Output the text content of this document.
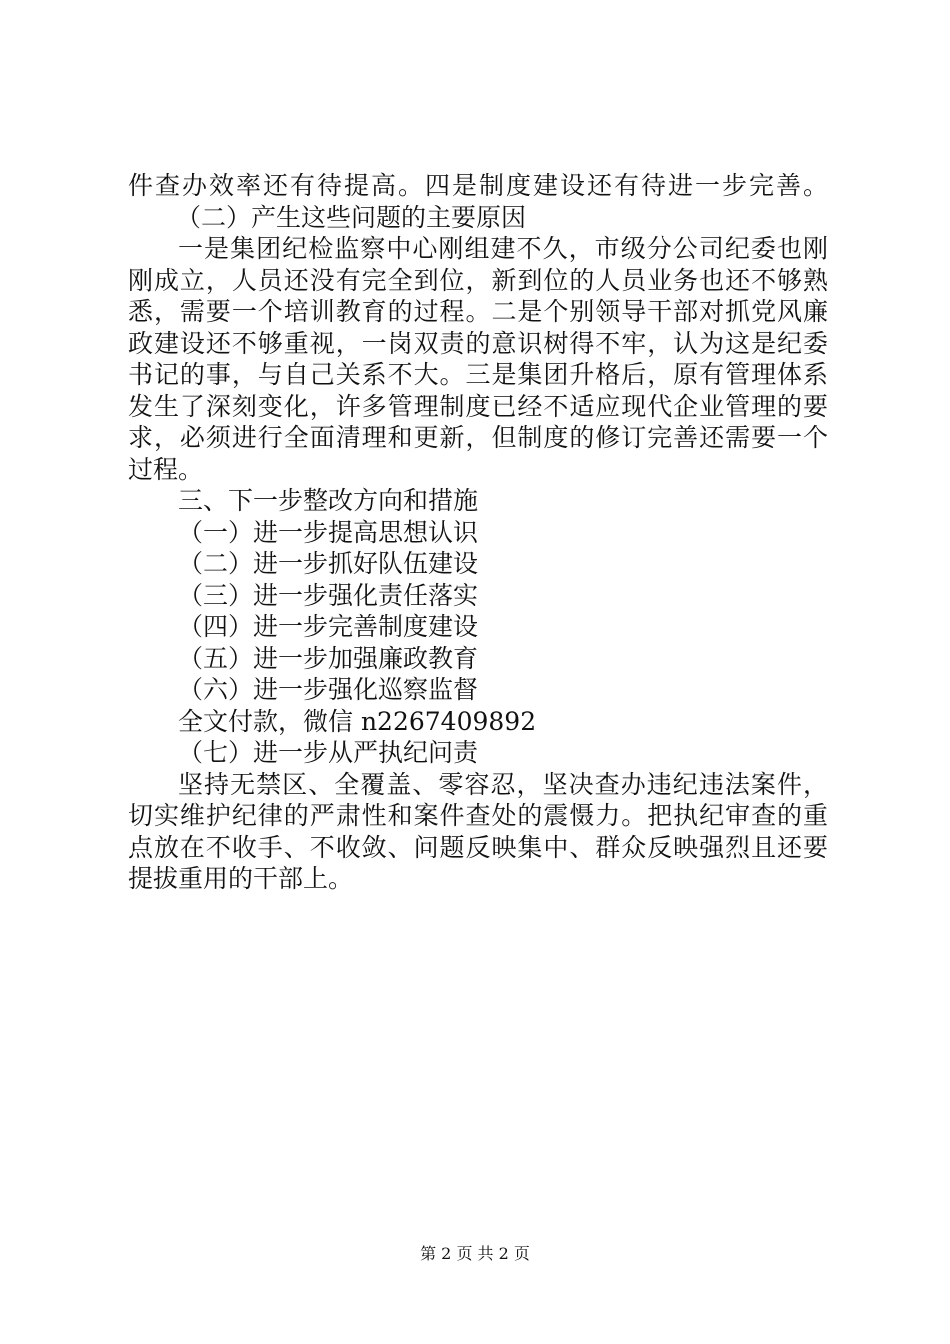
件查办效率还有待提高。四是制度建设还有待进一步完善。
（二）产生这些问题的主要原因
一是集团纪检监察中心刚组建不久，市级分公司纪委也刚
刚成立，人员还没有完全到位，新到位的人员业务也还不够熟
悉，需要一个培训教育的过程。二是个别领导干部对抓党风廉
政建设还不够重视，一岗双责的意识树得不牢，认为这是纪委
书记的事，与自己关系不大。三是集团升格后，原有管理体系
发生了深刻变化，许多管理制度已经不适应现代企业管理的要
求，必须进行全面清理和更新，但制度的修订完善还需要一个
过程。
三、下一步整改方向和措施
（一）进一步提高思想认识
（二）进一步抓好队伍建设
（三）进一步强化责任落实
（四）进一步完善制度建设
（五）进一步加强廉政教育
（六）进一步强化巡察监督
全文付款，微信 n2267409892
（七）进一步从严执纪问责
坚持无禁区、全覆盖、零容忍，坚决查办违纪违法案件，
切实维护纪律的严肃性和案件查处的震慑力。把执纪审查的重
点放在不收手、不收敛、问题反映集中、群众反映强烈且还要
提拔重用的干部上。
第 2 页 共 2 页
